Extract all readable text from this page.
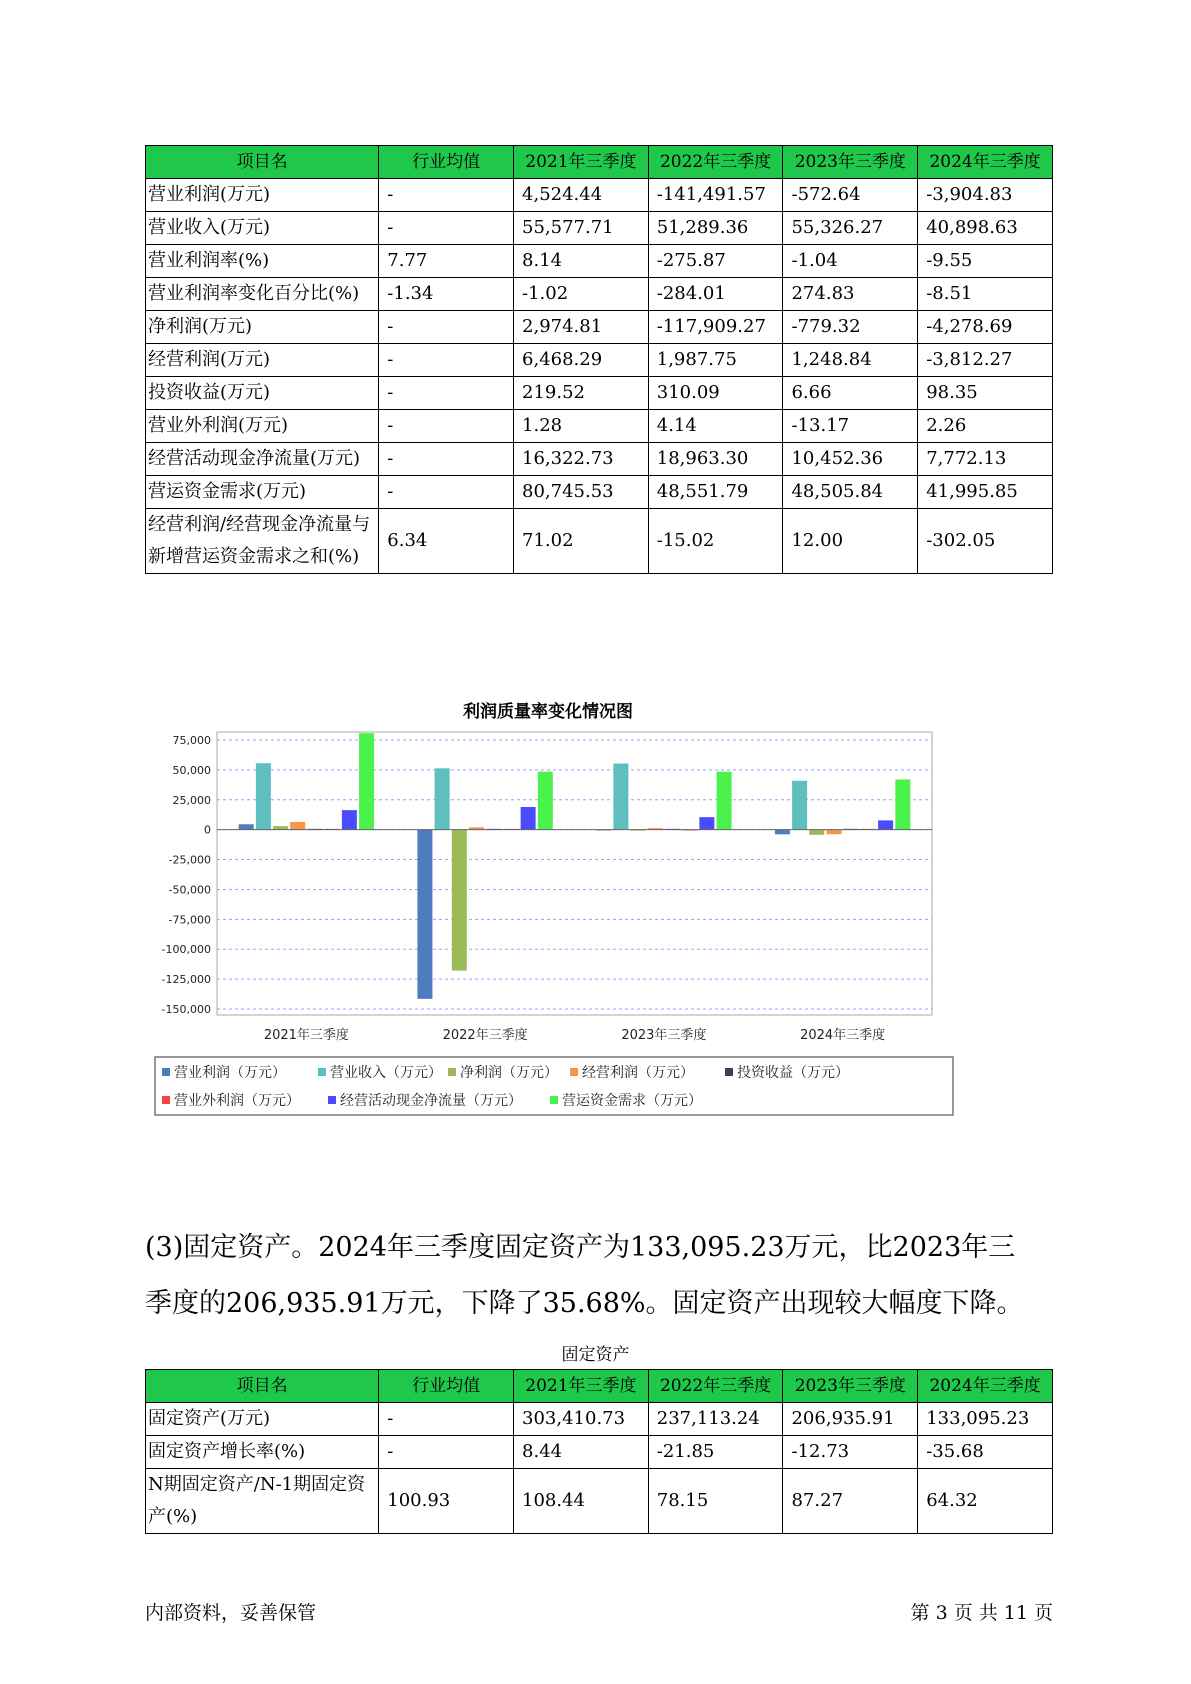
项目名	行业均值	2021年三季度	2022年三季度	2023年三季度	2024年三季度
营业利润(万元)	-	4,524.44	-141,491.57	-572.64	-3,904.83
营业收入(万元)	-	55,577.71	51,289.36	55,326.27	40,898.63
营业利润率(%)	7.77	8.14	-275.87	-1.04	-9.55
营业利润率变化百分比(%)	-1.34	-1.02	-284.01	274.83	-8.51
净利润(万元)	-	2,974.81	-117,909.27	-779.32	-4,278.69
经营利润(万元)	-	6,468.29	1,987.75	1,248.84	-3,812.27
投资收益(万元)	-	219.52	310.09	6.66	98.35
营业外利润(万元)	-	1.28	4.14	-13.17	2.26
经营活动现金净流量(万元)	-	16,322.73	18,963.30	10,452.36	7,772.13
营运资金需求(万元)	-	80,745.53	48,551.79	48,505.84	41,995.85
经营利润/经营现金净流量与新增营运资金需求之和(%)	6.34	71.02	-15.02	12.00	-302.05
利润质量率变化情况图
75,000
50,000
25,000
0
-25,000
-50,000
-75,000
-100,000
-125,000
-150,000
2021年三季度	2022年三季度	2023年三季度	2024年三季度
营业利润（万元）	营业收入（万元） 净利润（万元） 经营利润（万元）	投资收益（万元）
营业外利润（万元）	经营活动现金净流量（万元）	营运资金需求（万元）
(3)固定资产。2024年三季度固定资产为133,095.23万元，比2023年三
季度的206,935.91万元，下降了35.68%。固定资产出现较大幅度下降。
固定资产
项目名	行业均值	2021年三季度	2022年三季度	2023年三季度	2024年三季度
固定资产(万元)	-	303,410.73	237,113.24	206,935.91	133,095.23
固定资产增长率(%)	-	8.44	-21.85	-12.73	-35.68
N期固定资产/N-1期固定资产(%)	100.93	108.44	78.15	87.27	64.32
内部资料，妥善保管	第 3 页 共 11 页
